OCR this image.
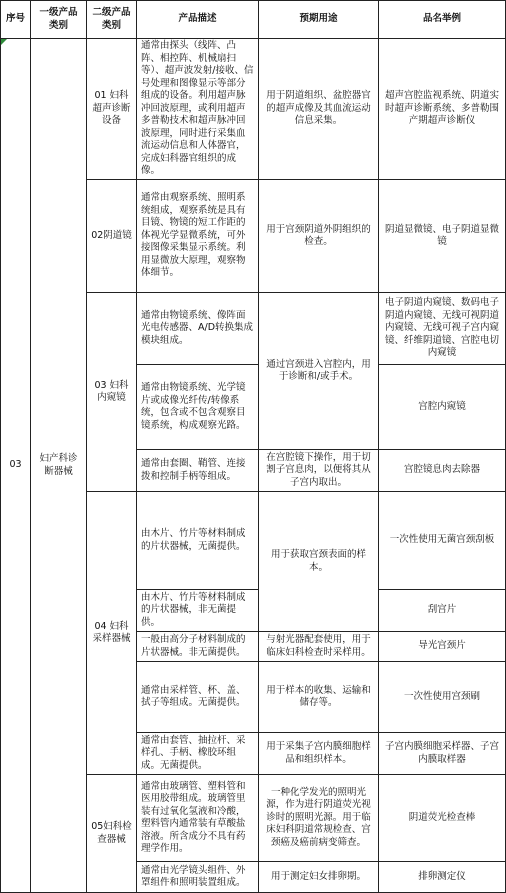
序号
一级产品类别
二级产品类别
产品描述	预期用途	品名举例
03
妇产科诊断器械
01 妇科超声诊断设备
02阴道镜
03 妇科内窥镜
04 妇科采样器械
05妇科检查器械
通常由探头（线阵、凸阵、相控阵、机械扇扫等）、超声波发射/接收、信号处理和图像显示等部分组成的设备。利用超声脉冲回波原理，或利用超声多普勒技术和超声脉冲回波原理，同时进行采集血流运动信息和人体器官，完成妇科器官组织的成像。
通常由观察系统、照明系统组成，观察系统是具有目镜、物镜的短工作距的体视光学显微系统，可外接图像采集显示系统。利用显微放大原理，观察物体细节。
通常由物镜系统、像阵面光电传感器、A/D转换集成模块组成。
通常由物镜系统、光学镜片或成像光纤传/转像系统，包含或不包含观察目镜系统，构成观察光路。
通常由套圈、鞘管、连接拨和控制手柄等组成。
由木片、竹片等材料制成的片状器械，无菌提供。
由木片、竹片等材料制成的片状器械，非无菌提供。
一般由高分子材料制成的片状器械。非无菌提供。
通常由采样管、杯、盖、拭子等组成。无菌提供。
通常由套管、抽拉杆、采样孔、手柄、橡胶环组成。无菌提供。
通常由玻璃管、塑料管和医用胶带组成。玻璃管里装有过氧化氢液和冷酸，塑料管内通常装有草酸盐溶液。所含成分不具有药理学作用。
通常由光学镜头组件、外罩组件和照明装置组成。
用于阴道组织、盆腔器官的超声成像及其血流运动信息采集。
用于宫颈阴道外阴组织的检查。
通过宫颈进入宫腔内，用于诊断和/或手术。
在宫腔镜下操作，用于切割子宫息肉，以便将其从子宫内取出。
用于获取宫颈表面的样本。
与射光器配套使用，用于临床妇科检查时采样用。
用于样本的收集、运输和储存等。
用于采集子宫内膜细胞样品和组织样本。
一种化学发光的照明光源，作为进行阴道荧光视诊时的照明光源。用于临床妇科阴道常规检查、宫颈癌及癌前病变筛查。
用于测定妇女排卵期。
超声宫腔监视系统、阴道实时超声诊断系统、多普勒围产期超声诊断仪
阴道显微镜、电子阴道显微镜
电子阴道内窥镜、数码电子阴道内窥镜、无线可视阴道内窥镜、无线可视子宫内窥镜、纤维阴道镜、宫腔电切内窥镜
宫腔内窥镜
宫腔镜息肉去除器
一次性使用无菌宫颈刮板
刮宫片
导光宫颈片
一次性使用宫颈刷
子宫内膜细胞采样器、子宫内膜取样器
阴道荧光检查棒
排卵测定仪
